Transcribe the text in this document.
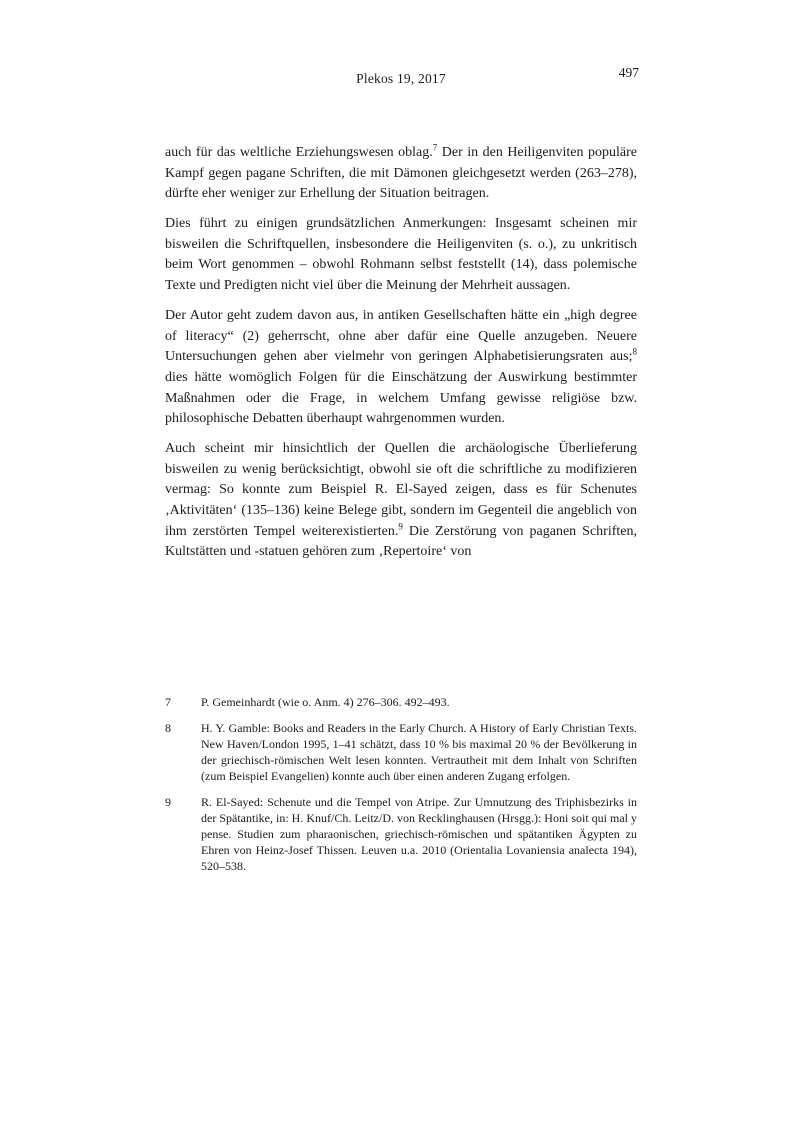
Plekos 19, 2017	497

auch für das weltliche Erziehungswesen oblag.$^7$ Der in den Heiligenviten populäre Kampf gegen pagane Schriften, die mit Dämonen gleichgesetzt werden (263–278), dürfte eher weniger zur Erhellung der Situation beitragen.

Dies führt zu einigen grundsätzlichen Anmerkungen: Insgesamt scheinen mir bisweilen die Schriftquellen, insbesondere die Heiligenviten (s. o.), zu unkritisch beim Wort genommen – obwohl Rohmann selbst feststellt (14), dass polemische Texte und Predigten nicht viel über die Meinung der Mehrheit aussagen.

Der Autor geht zudem davon aus, in antiken Gesellschaften hätte ein „high degree of literacy“ (2) geherrscht, ohne aber dafür eine Quelle anzugeben. Neuere Untersuchungen gehen aber vielmehr von geringen Alphabetisierungsraten aus;$^8$ dies hätte womöglich Folgen für die Einschätzung der Auswirkung bestimmter Maßnahmen oder die Frage, in welchem Umfang gewisse religiöse bzw. philosophische Debatten überhaupt wahrgenommen wurden.

Auch scheint mir hinsichtlich der Quellen die archäologische Überlieferung bisweilen zu wenig berücksichtigt, obwohl sie oft die schriftliche zu modifizieren vermag: So konnte zum Beispiel R. El-Sayed zeigen, dass es für Schenutes ‚Aktivitäten‘ (135–136) keine Belege gibt, sondern im Gegenteil die angeblich von ihm zerstörten Tempel weiterexistierten.$^9$ Die Zerstörung von paganen Schriften, Kultstätten und -statuen gehören zum ‚Repertoire‘ von

7	P. Gemeinhardt (wie o. Anm. 4) 276–306. 492–493.
8	H. Y. Gamble: Books and Readers in the Early Church. A History of Early Christian Texts. New Haven/London 1995, 1–41 schätzt, dass 10 % bis maximal 20 % der Bevölkerung in der griechisch-römischen Welt lesen konnten. Vertrautheit mit dem Inhalt von Schriften (zum Beispiel Evangelien) konnte auch über einen anderen Zugang erfolgen.
9	R. El-Sayed: Schenute und die Tempel von Atripe. Zur Umnutzung des Triphisbezirks in der Spätantike, in: H. Knuf/Ch. Leitz/D. von Recklinghausen (Hrsgg.): Honi soit qui mal y pense. Studien zum pharaonischen, griechisch-römischen und spätantiken Ägypten zu Ehren von Heinz-Josef Thissen. Leuven u.a. 2010 (Orientalia Lovaniensia analecta 194), 520–538.
